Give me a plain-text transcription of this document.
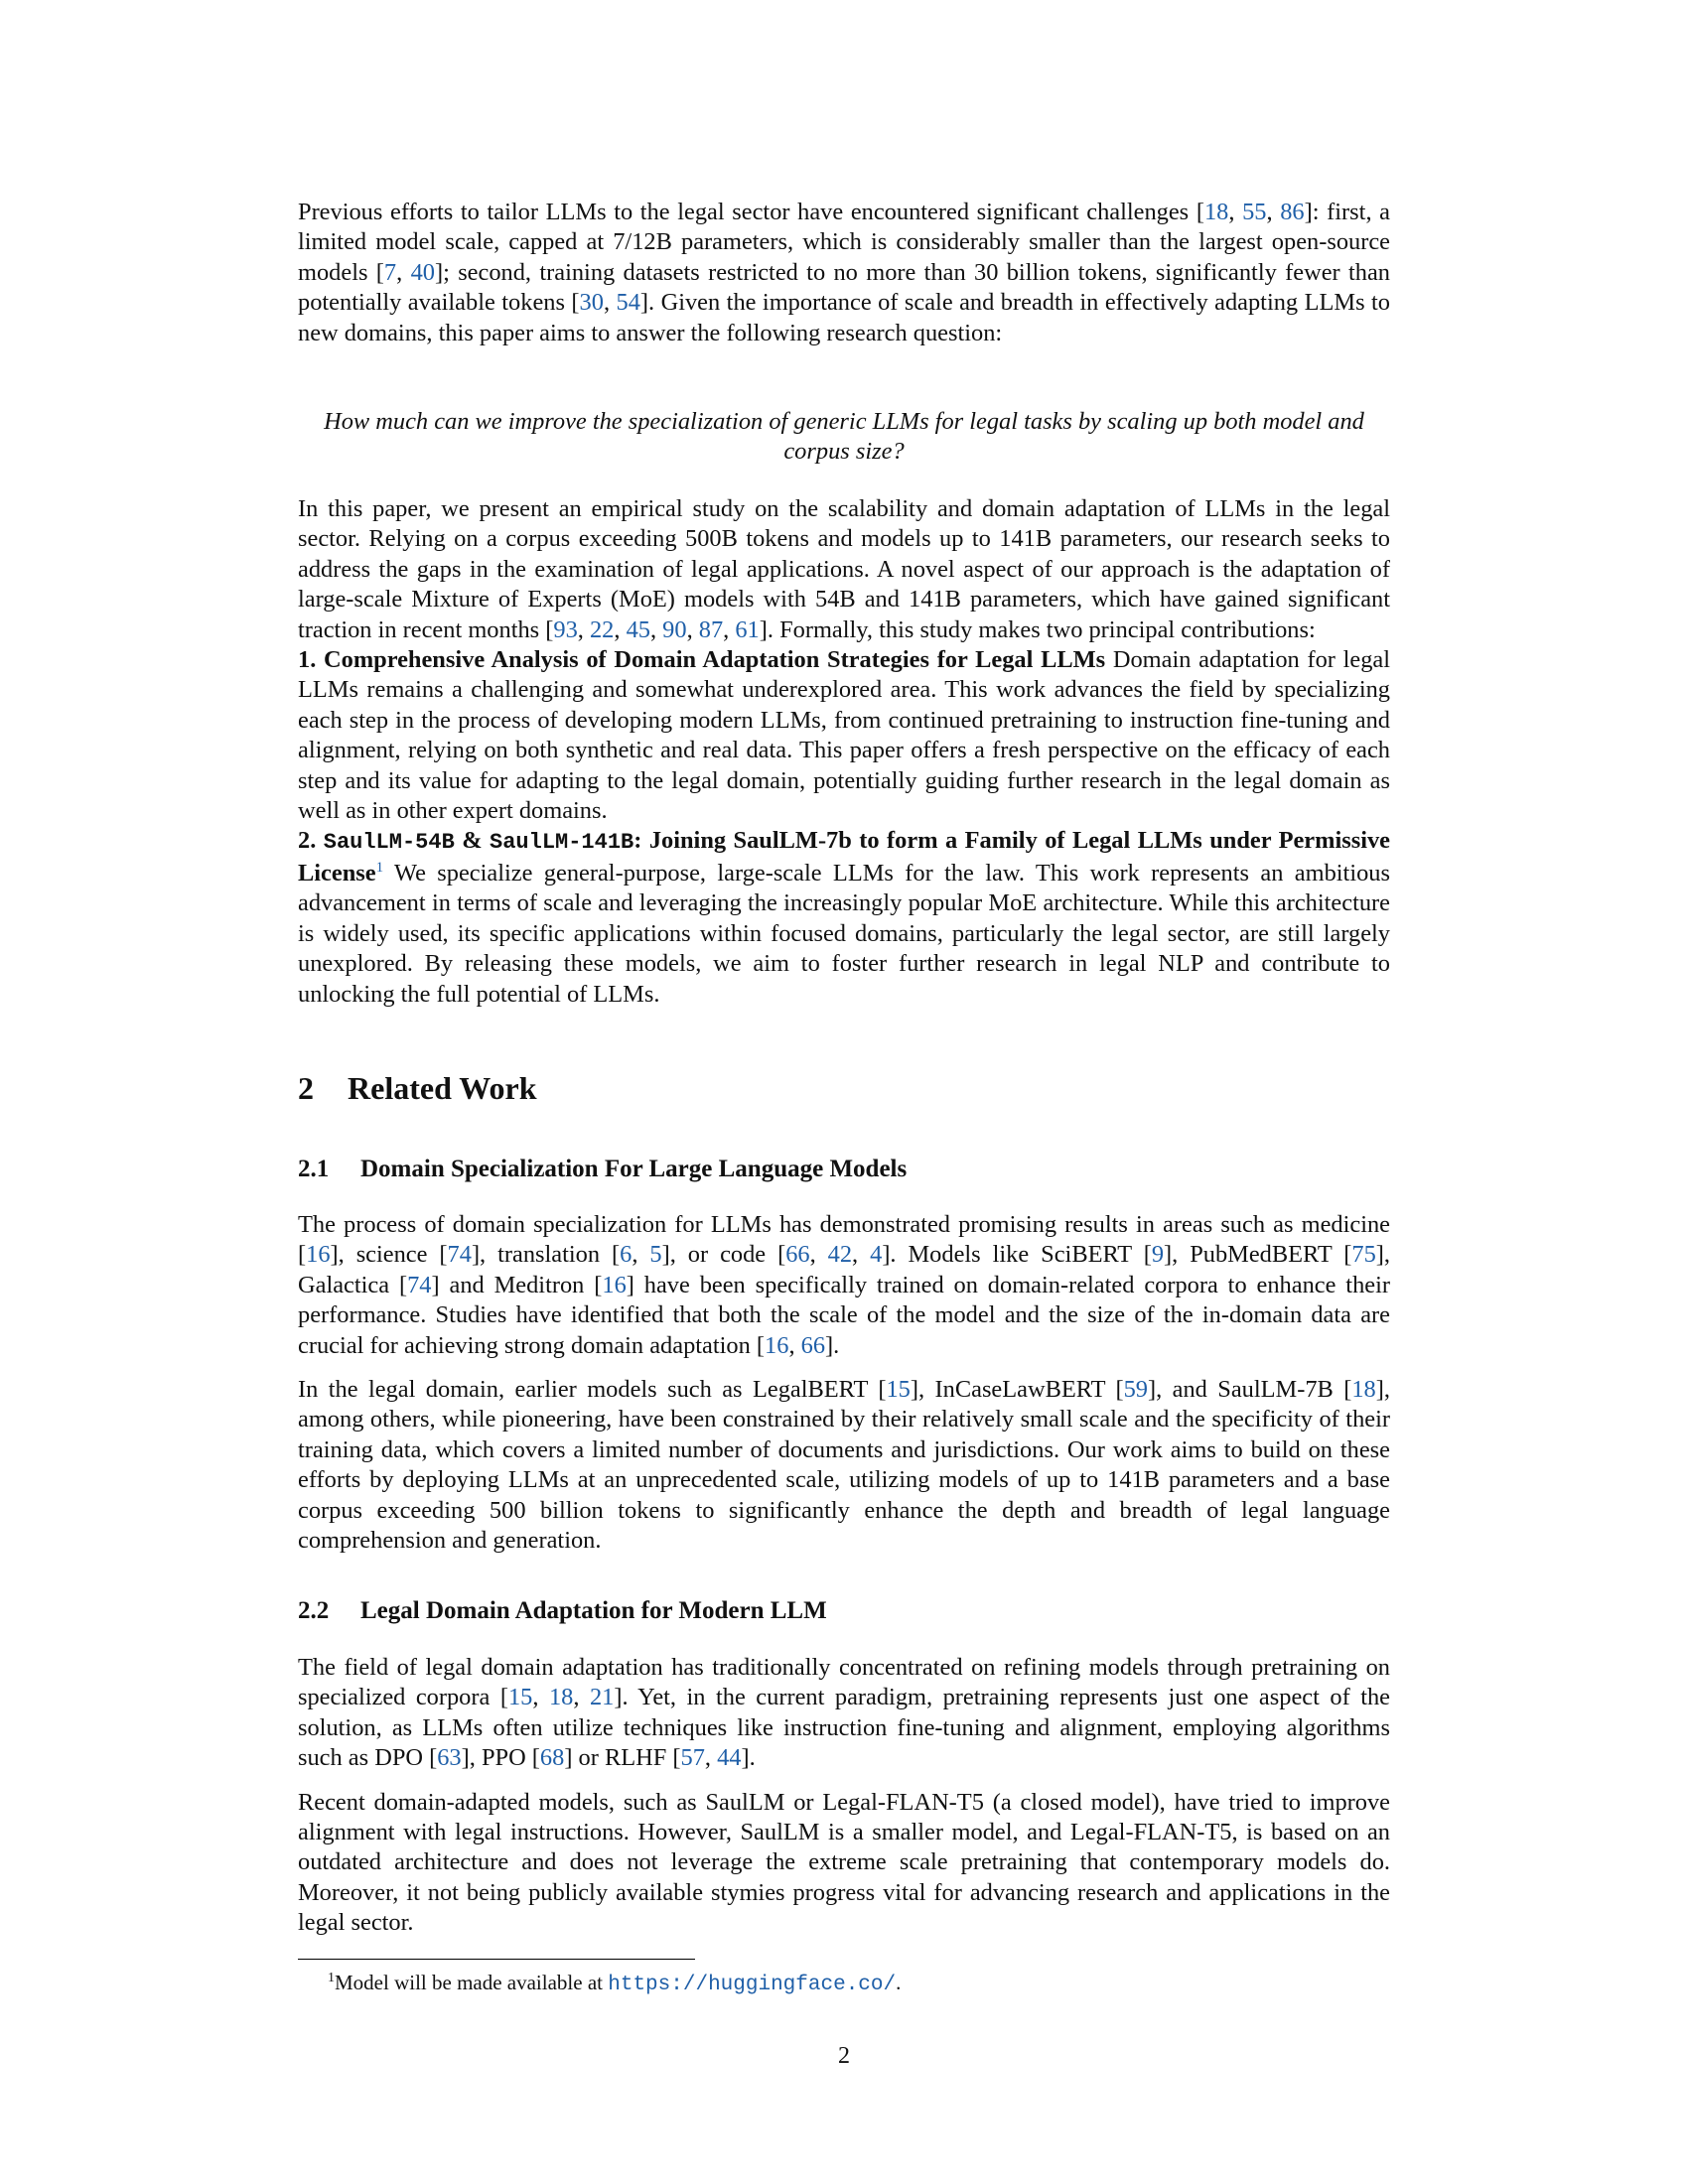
Previous efforts to tailor LLMs to the legal sector have encountered significant challenges [18, 55, 86]: first, a limited model scale, capped at 7/12B parameters, which is considerably smaller than the largest open-source models [7, 40]; second, training datasets restricted to no more than 30 billion tokens, significantly fewer than potentially available tokens [30, 54]. Given the importance of scale and breadth in effectively adapting LLMs to new domains, this paper aims to answer the following research question:

How much can we improve the specialization of generic LLMs for legal tasks by scaling up both model and corpus size?

In this paper, we present an empirical study on the scalability and domain adaptation of LLMs in the legal sector. Relying on a corpus exceeding 500B tokens and models up to 141B parameters, our research seeks to address the gaps in the examination of legal applications. A novel aspect of our approach is the adaptation of large-scale Mixture of Experts (MoE) models with 54B and 141B parameters, which have gained significant traction in recent months [93, 22, 45, 90, 87, 61]. Formally, this study makes two principal contributions:

1. Comprehensive Analysis of Domain Adaptation Strategies for Legal LLMs Domain adaptation for legal LLMs remains a challenging and somewhat underexplored area. This work advances the field by specializing each step in the process of developing modern LLMs, from continued pretraining to instruction fine-tuning and alignment, relying on both synthetic and real data. This paper offers a fresh perspective on the efficacy of each step and its value for adapting to the legal domain, potentially guiding further research in the legal domain as well as in other expert domains.

2. SaulLM-54B & SaulLM-141B: Joining SaulLM-7b to form a Family of Legal LLMs under Permissive License$^1$ We specialize general-purpose, large-scale LLMs for the law. This work represents an ambitious advancement in terms of scale and leveraging the increasingly popular MoE architecture. While this architecture is widely used, its specific applications within focused domains, particularly the legal sector, are still largely unexplored. By releasing these models, we aim to foster further research in legal NLP and contribute to unlocking the full potential of LLMs.

2 Related Work
2.1 Domain Specialization For Large Language Models

The process of domain specialization for LLMs has demonstrated promising results in areas such as medicine [16], science [74], translation [6, 5], or code [66, 42, 4]. Models like SciBERT [9], PubMedBERT [75], Galactica [74] and Meditron [16] have been specifically trained on domain-related corpora to enhance their performance. Studies have identified that both the scale of the model and the size of the in-domain data are crucial for achieving strong domain adaptation [16, 66].

In the legal domain, earlier models such as LegalBERT [15], InCaseLawBERT [59], and SaulLM-7B [18], among others, while pioneering, have been constrained by their relatively small scale and the specificity of their training data, which covers a limited number of documents and jurisdictions. Our work aims to build on these efforts by deploying LLMs at an unprecedented scale, utilizing models of up to 141B parameters and a base corpus exceeding 500 billion tokens to significantly enhance the depth and breadth of legal language comprehension and generation.

2.2 Legal Domain Adaptation for Modern LLM

The field of legal domain adaptation has traditionally concentrated on refining models through pretraining on specialized corpora [15, 18, 21]. Yet, in the current paradigm, pretraining represents just one aspect of the solution, as LLMs often utilize techniques like instruction fine-tuning and alignment, employing algorithms such as DPO [63], PPO [68] or RLHF [57, 44].

Recent domain-adapted models, such as SaulLM or Legal-FLAN-T5 (a closed model), have tried to improve alignment with legal instructions. However, SaulLM is a smaller model, and Legal-FLAN-T5, is based on an outdated architecture and does not leverage the extreme scale pretraining that contemporary models do. Moreover, it not being publicly available stymies progress vital for advancing research and applications in the legal sector.

$^1$Model will be made available at https://huggingface.co/.
2
